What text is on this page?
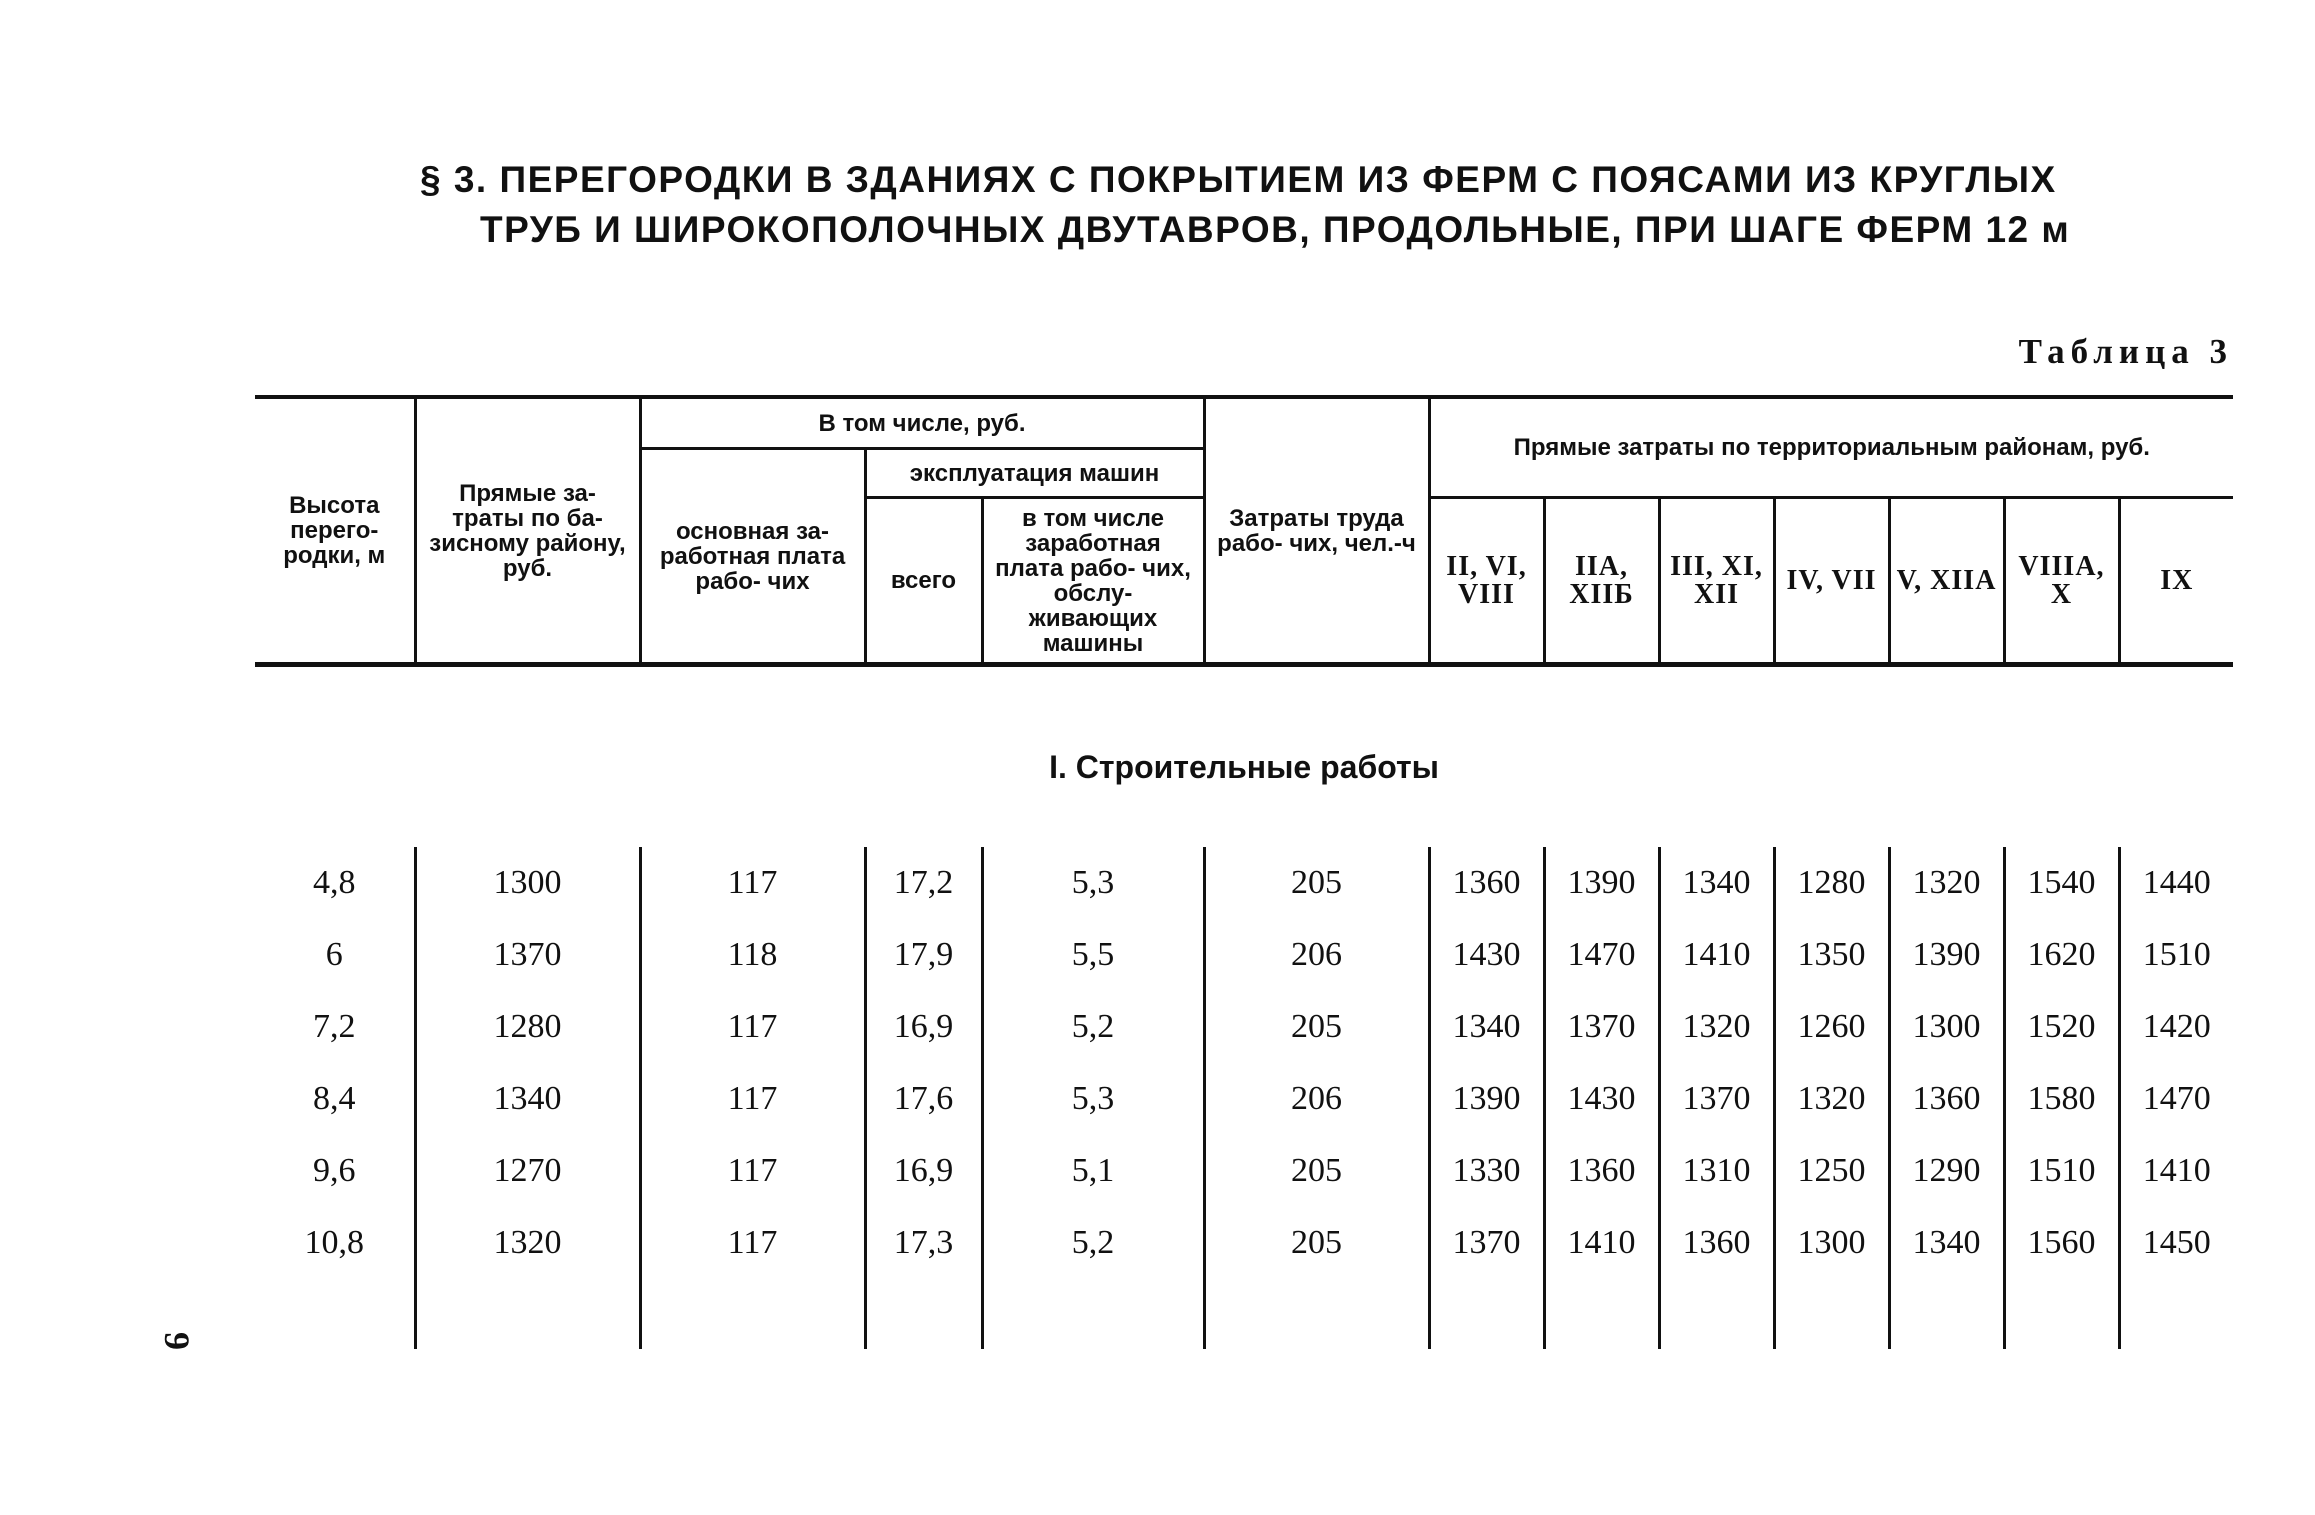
9
§ 3. ПЕРЕГОРОДКИ В ЗДАНИЯХ С ПОКРЫТИЕМ ИЗ ФЕРМ С ПОЯСАМИ ИЗ КРУГЛЫХ
ТРУБ И ШИРОКОПОЛОЧНЫХ ДВУТАВРОВ, ПРОДОЛЬНЫЕ, ПРИ ШАГЕ ФЕРМ 12 м
Таблица 3
Высота перего- родки, м	Прямые за- траты по ба- зисному району, руб.	В том числе, руб.			Затраты труда рабо- чих, чел.-ч	Прямые затраты по территориальным районам, руб.						
		основная за- работная плата рабо- чих	эксплуатация машин									
			всего	в том числе заработная плата рабо- чих, обслу- живающих машины		II, VI, VIII	IIА, XIIБ	III, XI, XII	IV, VII	V, XIIА	VIIIА, X	IX
I. Строительные работы												
4,8	1300	117	17,2	5,3	205	1360	1390	1340	1280	1320	1540	1440
6	1370	118	17,9	5,5	206	1430	1470	1410	1350	1390	1620	1510
7,2	1280	117	16,9	5,2	205	1340	1370	1320	1260	1300	1520	1420
8,4	1340	117	17,6	5,3	206	1390	1430	1370	1320	1360	1580	1470
9,6	1270	117	16,9	5,1	205	1330	1360	1310	1250	1290	1510	1410
10,8	1320	117	17,3	5,2	205	1370	1410	1360	1300	1340	1560	1450
